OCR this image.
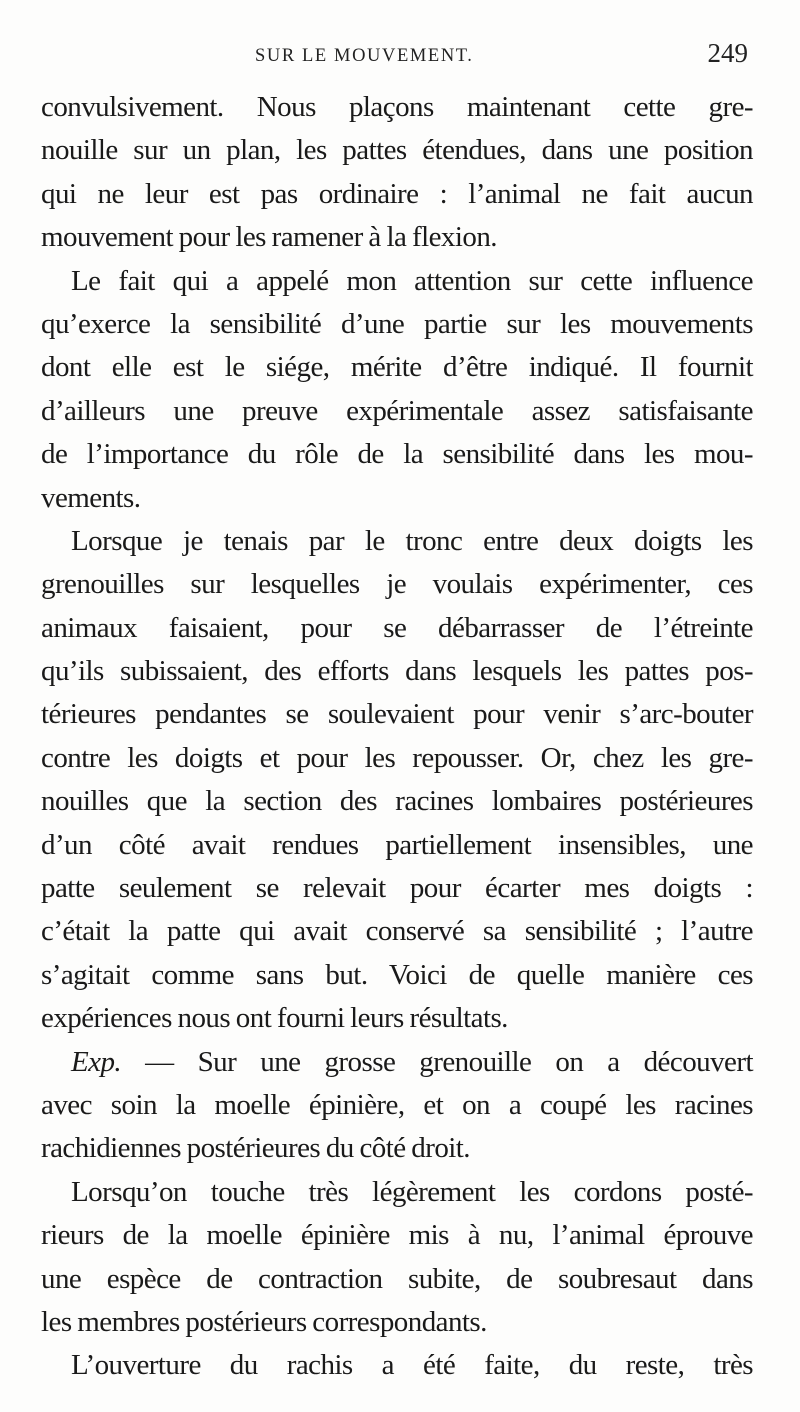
SUR LE MOUVEMENT.	249
convulsivement. Nous plaçons maintenant cette gre-
nouille sur un plan, les pattes étendues, dans une position
qui ne leur est pas ordinaire : l’animal ne fait aucun
mouvement pour les ramener à la flexion.
Le fait qui a appelé mon attention sur cette influence
qu’exerce la sensibilité d’une partie sur les mouvements
dont elle est le siége, mérite d’être indiqué. Il fournit
d’ailleurs une preuve expérimentale assez satisfaisante
de l’importance du rôle de la sensibilité dans les mou-
vements.
Lorsque je tenais par le tronc entre deux doigts les
grenouilles sur lesquelles je voulais expérimenter, ces
animaux faisaient, pour se débarrasser de l’étreinte
qu’ils subissaient, des efforts dans lesquels les pattes pos-
térieures pendantes se soulevaient pour venir s’arc-bouter
contre les doigts et pour les repousser. Or, chez les gre-
nouilles que la section des racines lombaires postérieures
d’un côté avait rendues partiellement insensibles, une
patte seulement se relevait pour écarter mes doigts :
c’était la patte qui avait conservé sa sensibilité ; l’autre
s’agitait comme sans but. Voici de quelle manière ces
expériences nous ont fourni leurs résultats.
Exp. — Sur une grosse grenouille on a découvert
avec soin la moelle épinière, et on a coupé les racines
rachidiennes postérieures du côté droit.
Lorsqu’on touche très légèrement les cordons posté-
rieurs de la moelle épinière mis à nu, l’animal éprouve
une espèce de contraction subite, de soubresaut dans
les membres postérieurs correspondants.
L’ouverture du rachis a été faite, du reste, très
